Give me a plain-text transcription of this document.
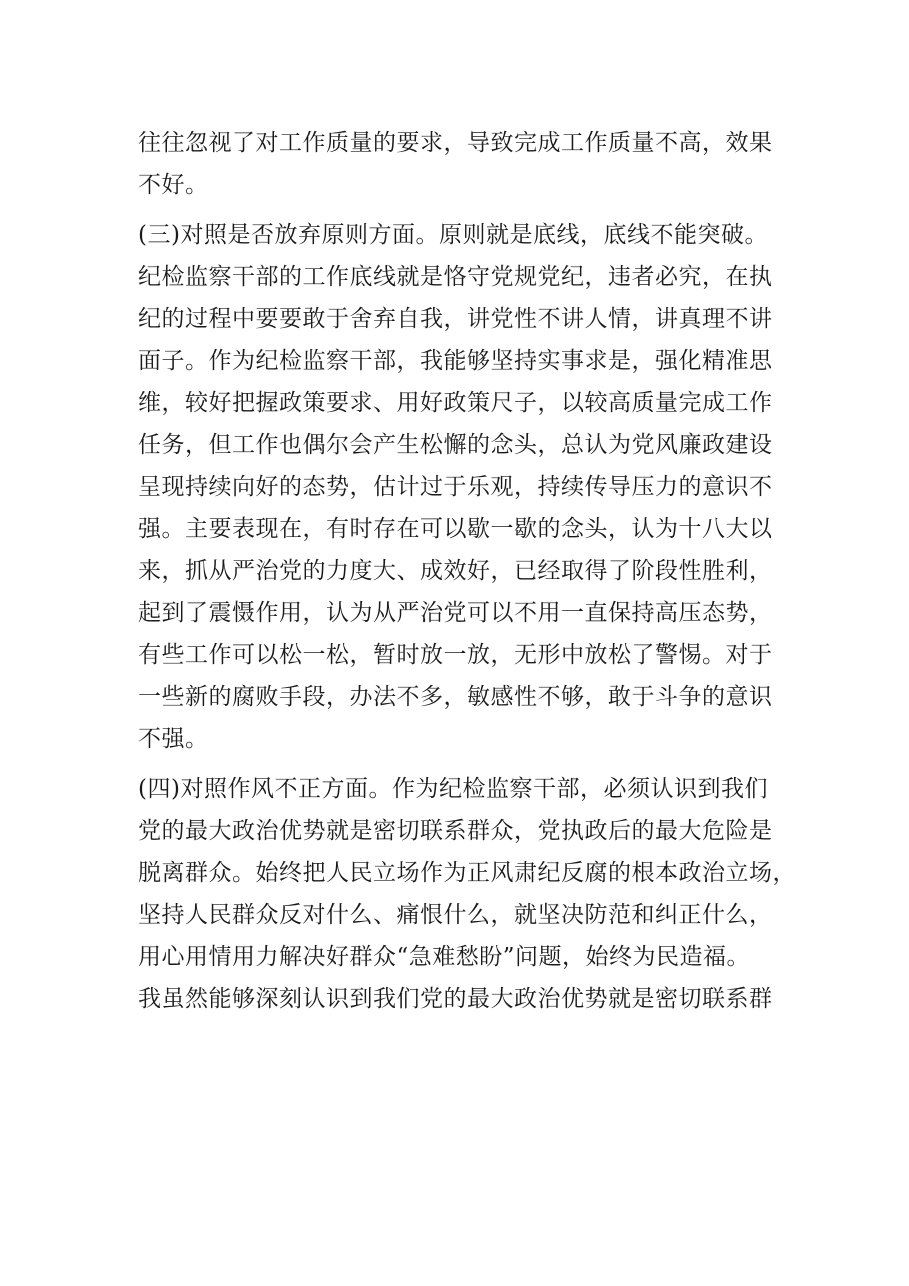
往往忽视了对工作质量的要求，导致完成工作质量不高，效果
不好。
(三)对照是否放弃原则方面。原则就是底线，底线不能突破。
纪检监察干部的工作底线就是恪守党规党纪，违者必究，在执
纪的过程中要要敢于舍弃自我，讲党性不讲人情，讲真理不讲
面子。作为纪检监察干部，我能够坚持实事求是，强化精准思
维，较好把握政策要求、用好政策尺子，以较高质量完成工作
任务，但工作也偶尔会产生松懈的念头，总认为党风廉政建设
呈现持续向好的态势，估计过于乐观，持续传导压力的意识不
强。主要表现在，有时存在可以歇一歇的念头，认为十八大以
来，抓从严治党的力度大、成效好，已经取得了阶段性胜利，
起到了震慑作用，认为从严治党可以不用一直保持高压态势，
有些工作可以松一松，暂时放一放，无形中放松了警惕。对于
一些新的腐败手段，办法不多，敏感性不够，敢于斗争的意识
不强。
(四)对照作风不正方面。作为纪检监察干部，必须认识到我们
党的最大政治优势就是密切联系群众，党执政后的最大危险是
脱离群众。始终把人民立场作为正风肃纪反腐的根本政治立场，
坚持人民群众反对什么、痛恨什么，就坚决防范和纠正什么，
用心用情用力解决好群众“急难愁盼”问题，始终为民造福。
我虽然能够深刻认识到我们党的最大政治优势就是密切联系群
